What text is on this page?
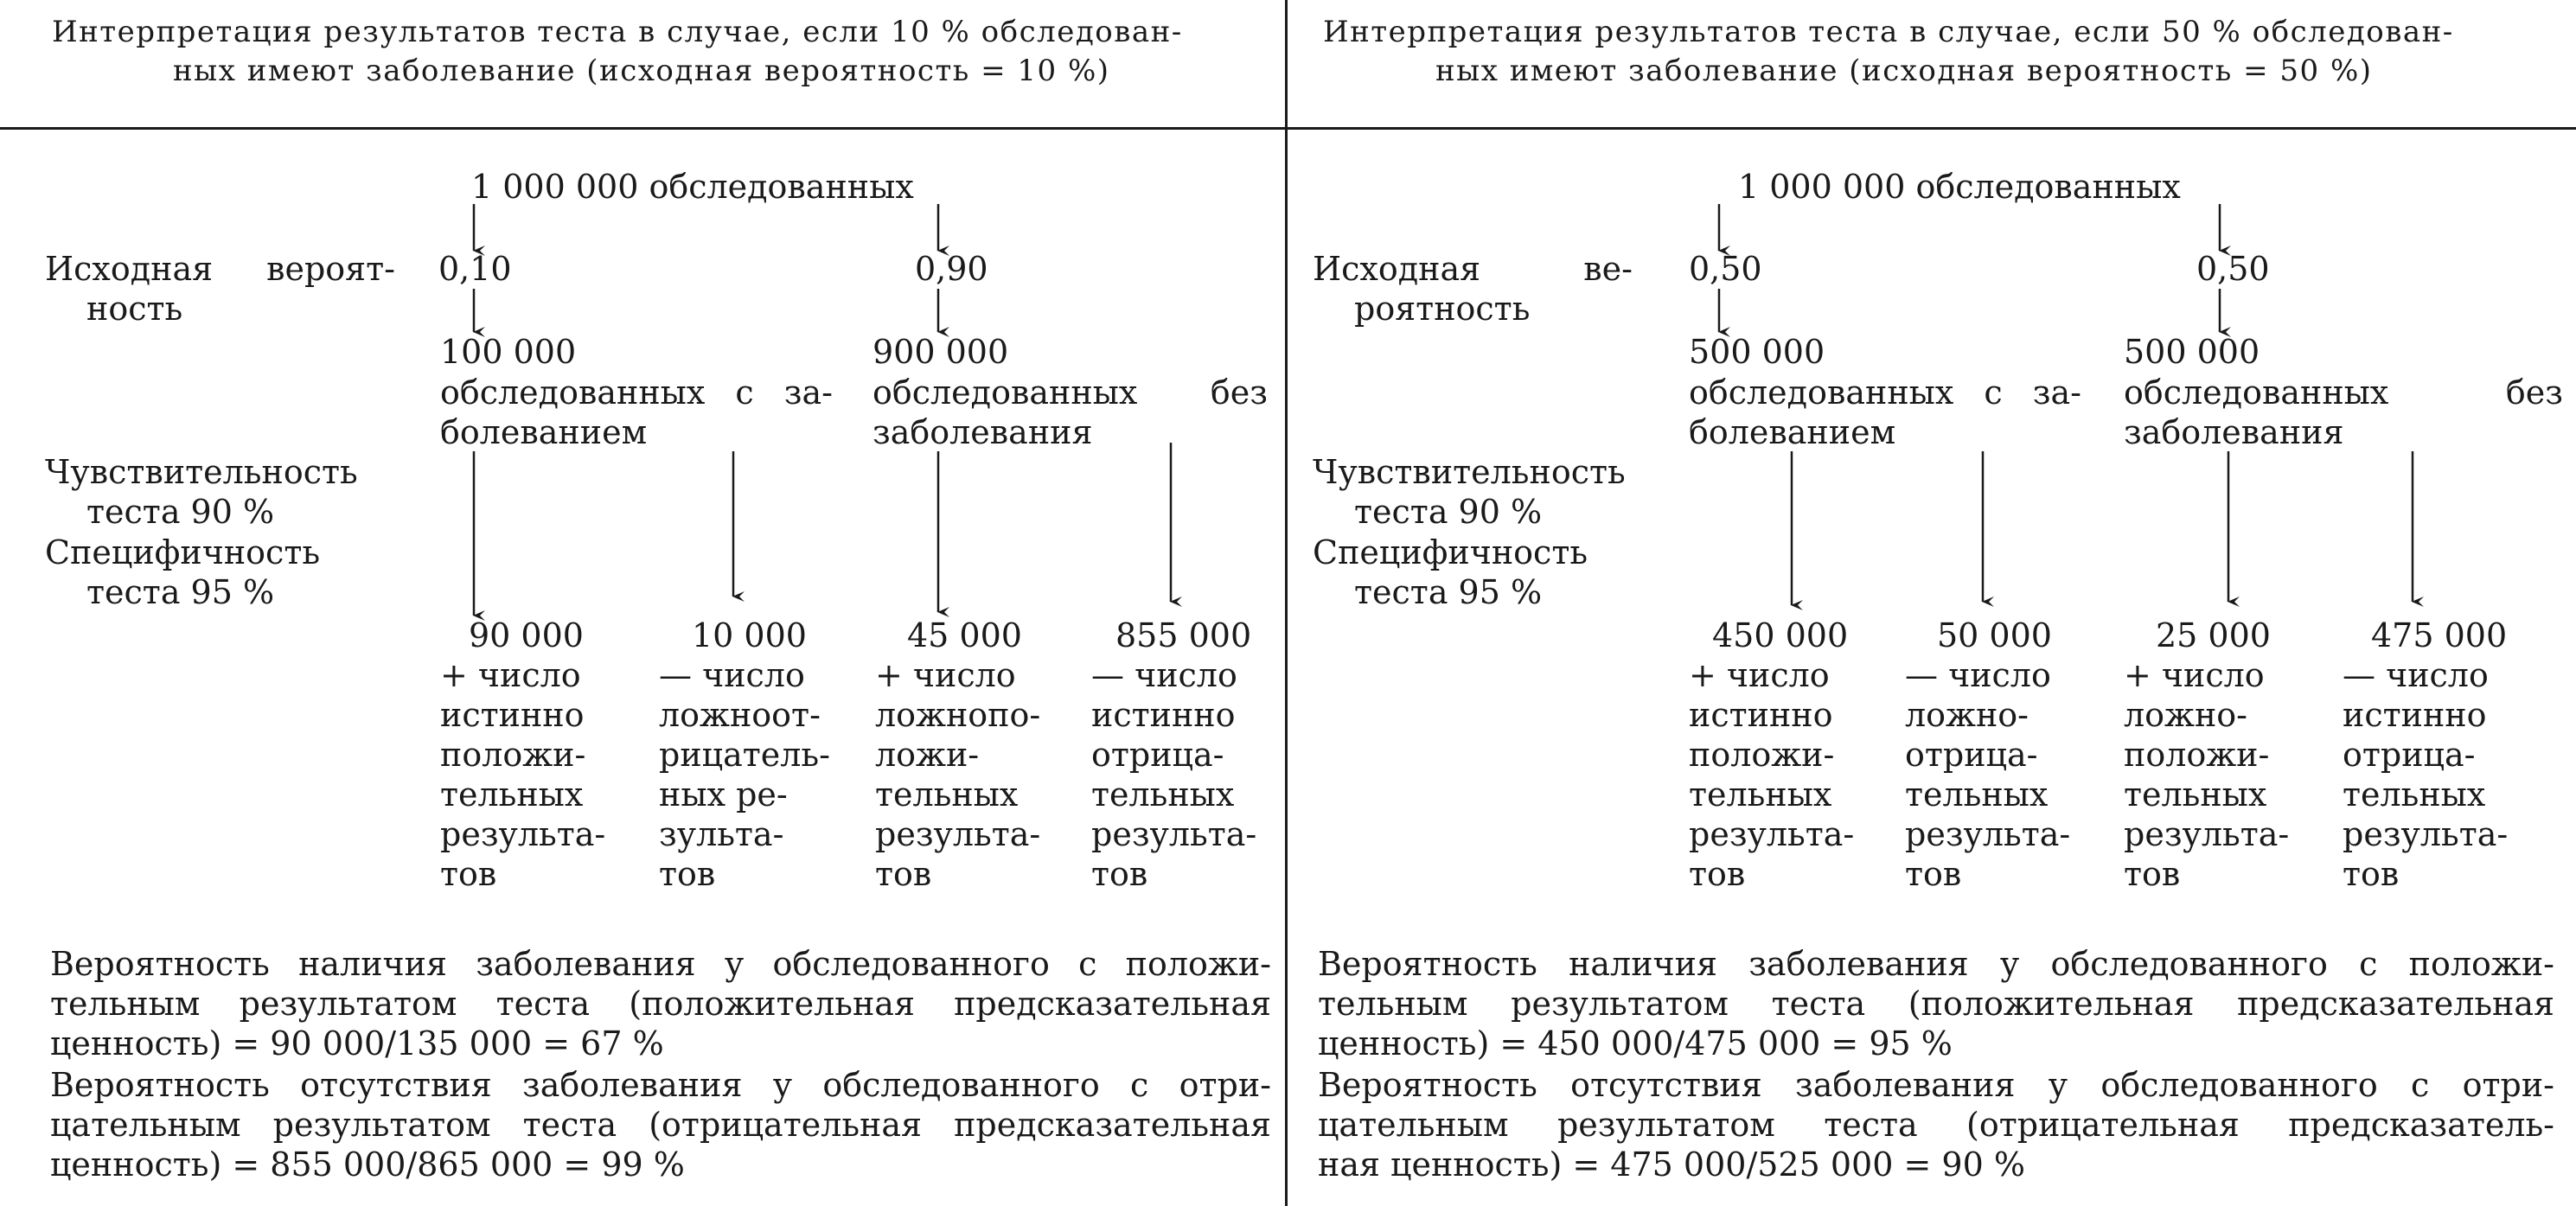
Интерпретация результатов теста в случае, если 10 % обследован-
ных имеют заболевание (исходная вероятность = 10 %)
1 000 000 обследованных
Исходная вероят-
ность
0,10	0,90
100 000
обследованных с за-
болеванием
900 000
обследованных без
заболевания
Чувствительность
теста 90 %
Специфичность
теста 95 %
90 000
+ число
истинно
положи-
тельных
результа-
тов
10 000
— число
ложноот-
рицатель-
ных ре-
зульта-
тов
45 000
+ число
ложнопо-
ложи-
тельных
результа-
тов
855 000
— число
истинно
отрица-
тельных
результа-
тов
Вероятность наличия заболевания у обследованного с положи-
тельным результатом теста (положительная предсказательная
ценность) = 90 000/135 000 = 67 %
Вероятность отсутствия заболевания у обследованного с отри-
цательным результатом теста (отрицательная предсказательная
ценность) = 855 000/865 000 = 99 %
Интерпретация результатов теста в случае, если 50 % обследован-
ных имеют заболевание (исходная вероятность = 50 %)
1 000 000 обследованных
Исходная ве-
роятность
0,50	0,50
500 000
обследованных с за-
болеванием
500 000
обследованных без
заболевания
Чувствительность
теста 90 %
Специфичность
теста 95 %
450 000
+ число
истинно
положи-
тельных
результа-
тов
50 000
— число
ложно-
отрица-
тельных
результа-
тов
25 000
+ число
ложно-
положи-
тельных
результа-
тов
475 000
— число
истинно
отрица-
тельных
результа-
тов
Вероятность наличия заболевания у обследованного с положи-
тельным результатом теста (положительная предсказательная
ценность) = 450 000/475 000 = 95 %
Вероятность отсутствия заболевания у обследованного с отри-
цательным результатом теста (отрицательная предсказатель-
ная ценность) = 475 000/525 000 = 90 %
